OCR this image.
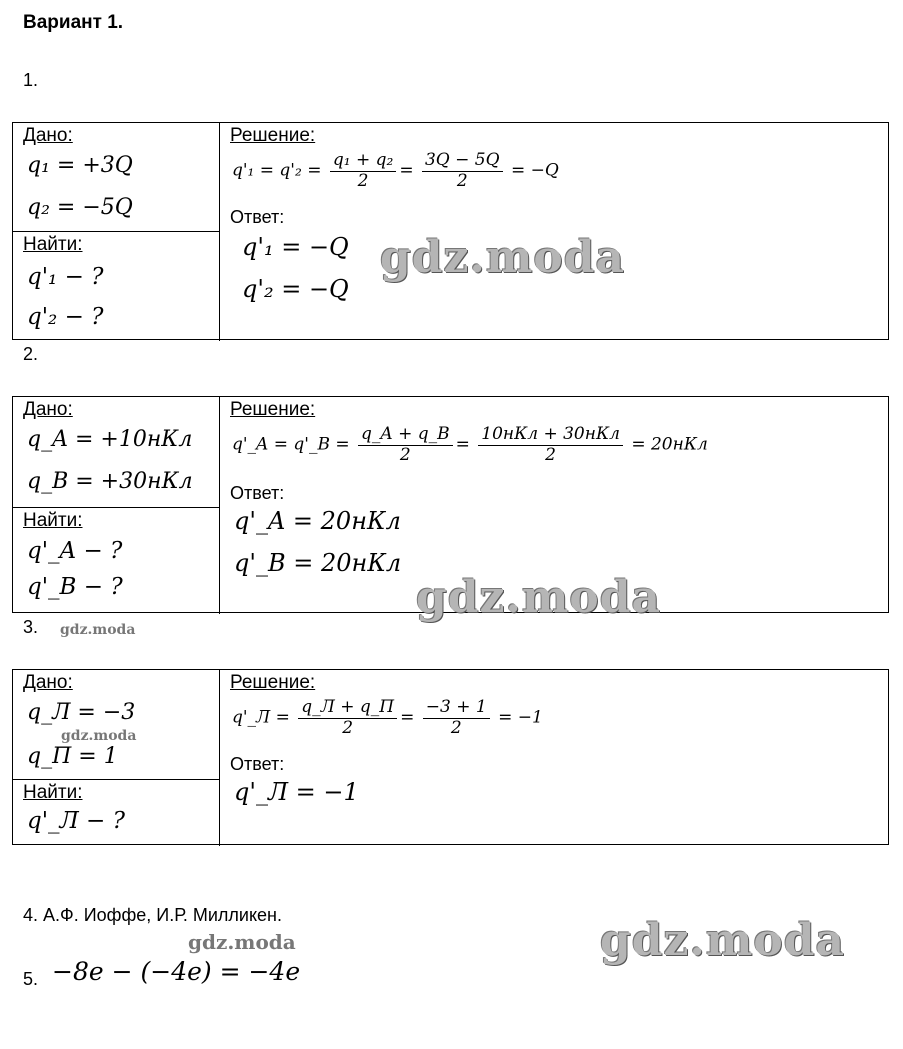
Вариант 1.
1.
Дано:
q₁ = +3Q
q₂ = −5Q
Найти:
q'₁ − ?
q'₂ − ?
Решение:
$q'_1 = q'_2 = \frac{\text{q₁ + q₂}}{2} = \frac{3Q - 5Q}{2} = -Q$
Ответ:
q'₁ = −Q
q'₂ = −Q
gdz.moda
2.
Дано:
q_A = +10нКл
q_B = +30нКл
Найти:
q'_A − ?
q'_B − ?
Решение:
q'_A = q'_B = $\frac{q\_A + q\_B}{2} = \frac{\text{10нКл + 30нКл}}{2} = 20нКл$
Ответ:
q'_A = 20нКл
q'_B = 20нКл
gdz.moda
3. gdz.moda
Дано:
q_Л = −3
gdz.moda
q_П = 1
Найти:
q'_Л − ?
Решение:
q'_Л = $\frac{q\_Л + q\_П}{2} = \frac{-3 + 1}{2} = -1$
Ответ:
q'_Л = −1
4. А.Ф. Иоффе, И.Р. Милликен.
gdz.moda	gdz.moda
5. −8e − (−4e) = −4e
